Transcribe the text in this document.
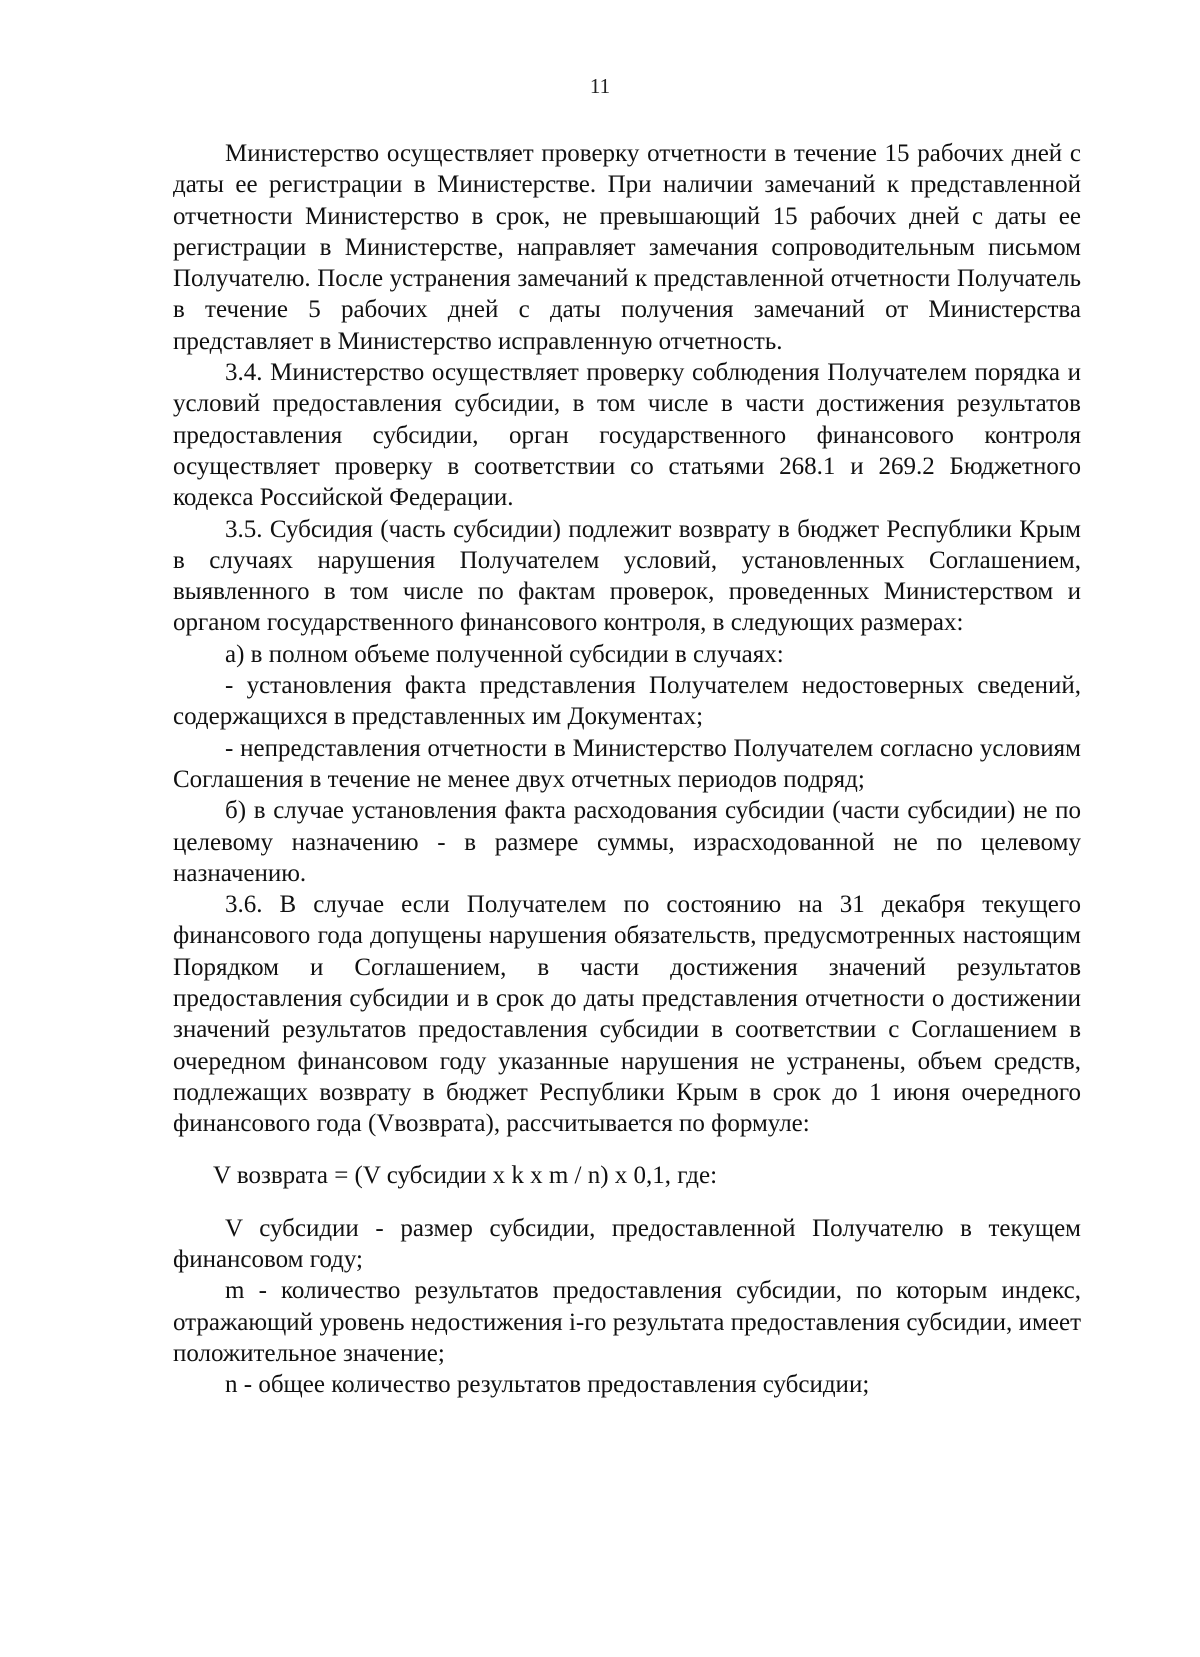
11

Министерство осуществляет проверку отчетности в течение 15 рабочих дней с даты ее регистрации в Министерстве. При наличии замечаний к представленной отчетности Министерство в срок, не превышающий 15 рабочих дней с даты ее регистрации в Министерстве, направляет замечания сопроводительным письмом Получателю. После устранения замечаний к представленной отчетности Получатель в течение 5 рабочих дней с даты получения замечаний от Министерства представляет в Министерство исправленную отчетность.

3.4. Министерство осуществляет проверку соблюдения Получателем порядка и условий предоставления субсидии, в том числе в части достижения результатов предоставления субсидии, орган государственного финансового контроля осуществляет проверку в соответствии со статьями 268.1 и 269.2 Бюджетного кодекса Российской Федерации.

3.5. Субсидия (часть субсидии) подлежит возврату в бюджет Республики Крым в случаях нарушения Получателем условий, установленных Соглашением, выявленного в том числе по фактам проверок, проведенных Министерством и органом государственного финансового контроля, в следующих размерах:

а) в полном объеме полученной субсидии в случаях:

- установления факта представления Получателем недостоверных сведений, содержащихся в представленных им Документах;

- непредставления отчетности в Министерство Получателем согласно условиям Соглашения в течение не менее двух отчетных периодов подряд;

б) в случае установления факта расходования субсидии (части субсидии) не по целевому назначению - в размере суммы, израсходованной не по целевому назначению.

3.6. В случае если Получателем по состоянию на 31 декабря текущего финансового года допущены нарушения обязательств, предусмотренных настоящим Порядком и Соглашением, в части достижения значений результатов предоставления субсидии и в срок до даты представления отчетности о достижении значений результатов предоставления субсидии в соответствии с Соглашением в очередном финансовом году указанные нарушения не устранены, объем средств, подлежащих возврату в бюджет Республики Крым в срок до 1 июня очередного финансового года (Vвозврата), рассчитывается по формуле:

V возврата = (V субсидии x k x m / n) x 0,1, где:

V субсидии - размер субсидии, предоставленной Получателю в текущем финансовом году;

m - количество результатов предоставления субсидии, по которым индекс, отражающий уровень недостижения i-го результата предоставления субсидии, имеет положительное значение;

n - общее количество результатов предоставления субсидии;
